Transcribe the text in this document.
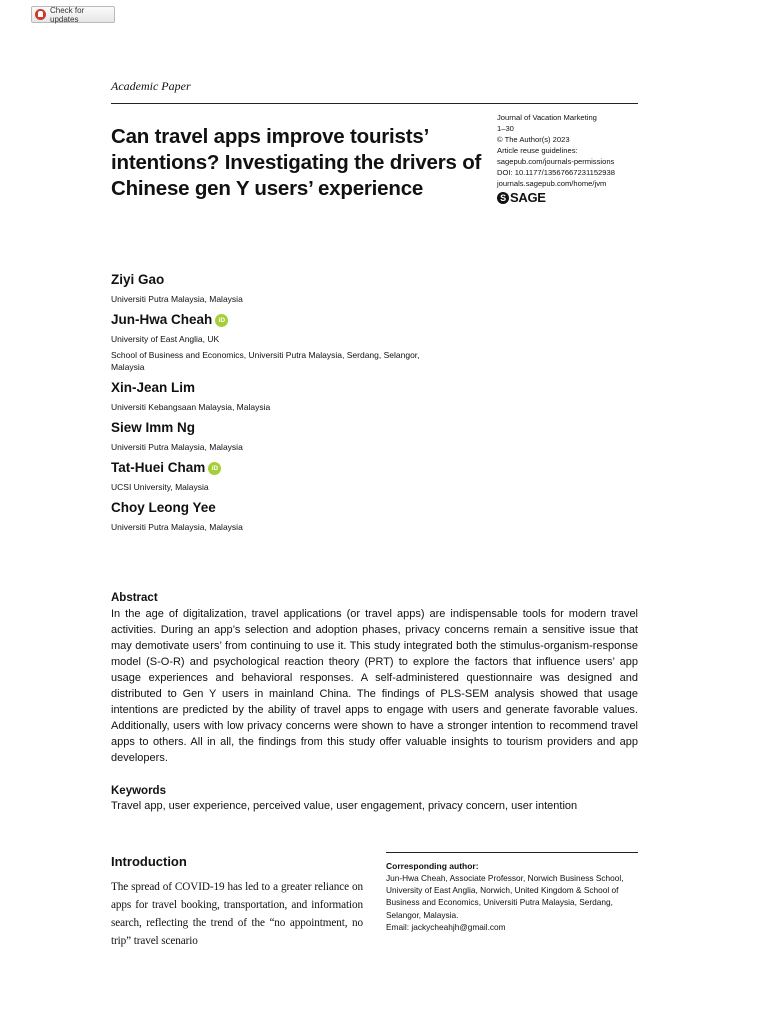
Check for updates
Academic Paper
Can travel apps improve tourists’ intentions? Investigating the drivers of Chinese gen Y users’ experience
Journal of Vacation Marketing
1–30
© The Author(s) 2023
Article reuse guidelines:
sagepub.com/journals-permissions
DOI: 10.1177/13567667231152938
journals.sagepub.com/home/jvm
S SAGE
Ziyi Gao
Universiti Putra Malaysia, Malaysia
Jun-Hwa Cheah iD
University of East Anglia, UK
School of Business and Economics, Universiti Putra Malaysia, Serdang, Selangor, Malaysia
Xin-Jean Lim
Universiti Kebangsaan Malaysia, Malaysia
Siew Imm Ng
Universiti Putra Malaysia, Malaysia
Tat-Huei Cham iD
UCSI University, Malaysia
Choy Leong Yee
Universiti Putra Malaysia, Malaysia
Abstract

In the age of digitalization, travel applications (or travel apps) are indispensable tools for modern travel activities. During an app’s selection and adoption phases, privacy concerns remain a sensitive issue that may demotivate users’ from continuing to use it. This study integrated both the stimulus-organism-response model (S-O-R) and psychological reaction theory (PRT) to explore the factors that influence users’ app usage experiences and behavioral responses. A self-administered questionnaire was designed and distributed to Gen Y users in mainland China. The findings of PLS-SEM analysis showed that usage intentions are predicted by the ability of travel apps to engage with users and generate favorable values. Additionally, users with low privacy concerns were shown to have a stronger intention to recommend travel apps to others. All in all, the findings from this study offer valuable insights to tourism providers and app developers.

Keywords

Travel app, user experience, perceived value, user engagement, privacy concern, user intention

Introduction

The spread of COVID-19 has led to a greater reliance on apps for travel booking, transportation, and information search, reflecting the trend of the “no appointment, no trip” travel scenario

Corresponding author:

Jun-Hwa Cheah, Associate Professor, Norwich Business School, University of East Anglia, Norwich, United Kingdom & School of Business and Economics, Universiti Putra Malaysia, Serdang, Selangor, Malaysia.

Email: jackycheahjh@gmail.com
